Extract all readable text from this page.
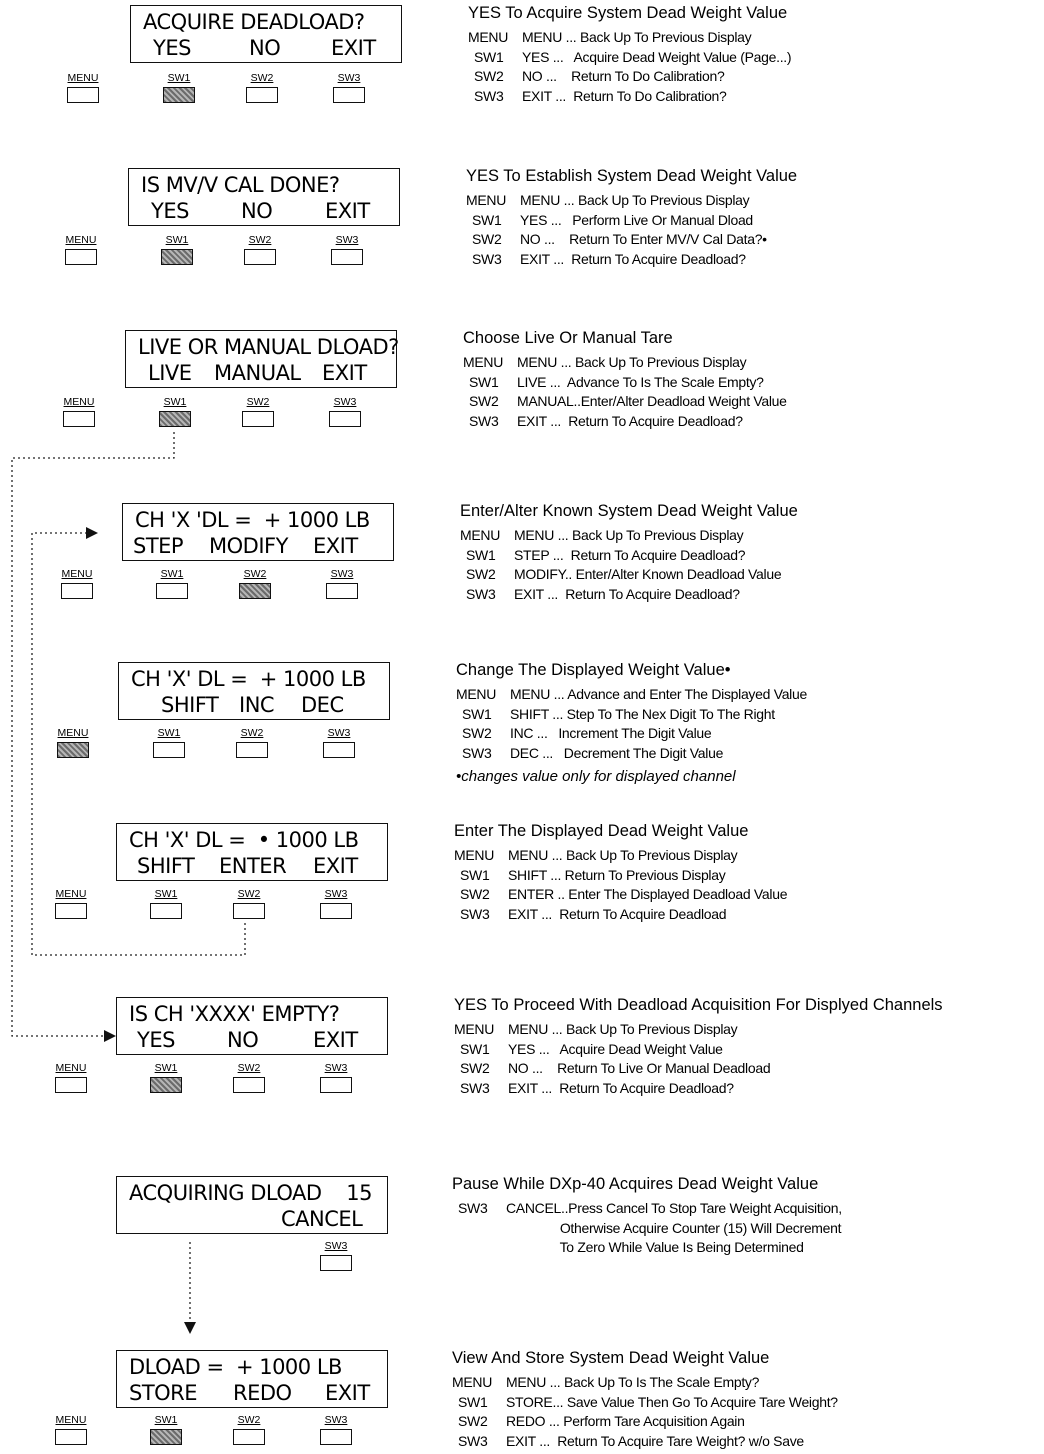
ACQUIRE DEADLOAD?
YES	NO EXIT
MENU	SW1	SW2	SW3
YES To Acquire System Dead Weight Value
MENU MENU ... Back Up To Previous Display
SW1 YES ...   Acquire Dead Weight Value (Page...)
SW2 NO ...    Return To Do Calibration?
SW3 EXIT ...  Return To Do Calibration?
IS MV/V CAL DONE?
YES NO	EXIT
MENU	SW1	SW2	SW3
YES To Establish System Dead Weight Value
MENU MENU ... Back Up To Previous Display
SW1 YES ...   Perform Live Or Manual Dload
SW2 NO ...    Return To Enter MV/V Cal Data?•
SW3 EXIT ...  Return To Acquire Deadload?
LIVE OR MANUAL DLOAD?
LIVE MANUAL EXIT
MENU	SW1	SW2	SW3
Choose Live Or Manual Tare
MENU MENU ... Back Up To Previous Display
SW1 LIVE ...  Advance To Is The Scale Empty?
SW2 MANUAL..Enter/Alter Deadload Weight Value
SW3 EXIT ...  Return To Acquire Deadload?
CH 'X 'DL =  + 1000 LB
STEP MODIFY EXIT
MENU	SW1	SW2	SW3
Enter/Alter Known System Dead Weight Value
MENU MENU ... Back Up To Previous Display
SW1 STEP ...  Return To Acquire Deadload?
SW2 MODIFY.. Enter/Alter Known Deadload Value
SW3 EXIT ...  Return To Acquire Deadload?
CH 'X' DL =  + 1000 LB
SHIFT INC DEC
MENU	SW1	SW2	SW3
Change The Displayed Weight Value•
MENU MENU ... Advance and Enter The Displayed Value
SW1 SHIFT ... Step To The Nex Digit To The Right
SW2 INC ...   Increment The Digit Value
SW3 DEC ...   Decrement The Digit Value
•changes value only for displayed channel
CH 'X' DL =  • 1000 LB
SHIFT ENTER EXIT
MENU	SW1	SW2	SW3
Enter The Displayed Dead Weight Value
MENU MENU ... Back Up To Previous Display
SW1 SHIFT ... Return To Previous Display
SW2 ENTER .. Enter The Displayed Deadload Value
SW3 EXIT ...  Return To Acquire Deadload
IS CH 'XXXX' EMPTY?
YES NO	EXIT
MENU	SW1	SW2	SW3
YES To Proceed With Deadload Acquisition For Displyed Channels
MENU MENU ... Back Up To Previous Display
SW1 YES ...   Acquire Dead Weight Value
SW2 NO ...    Return To Live Or Manual Deadload
SW3 EXIT ...  Return To Acquire Deadload?
ACQUIRING DLOAD    15
CANCEL
SW3
Pause While DXp-40 Acquires Dead Weight Value
SW3 CANCEL..Press Cancel To Stop Tare Weight Acquisition,
Otherwise Acquire Counter (15) Will Decrement
To Zero While Value Is Being Determined
DLOAD =  + 1000 LB
STORE REDO EXIT
MENU	SW1	SW2	SW3
View And Store System Dead Weight Value
MENU MENU ... Back Up To Is The Scale Empty?
SW1 STORE... Save Value Then Go To Acquire Tare Weight?
SW2 REDO ... Perform Tare Acquisition Again
SW3 EXIT ...  Return To Acquire Tare Weight? w/o Save
